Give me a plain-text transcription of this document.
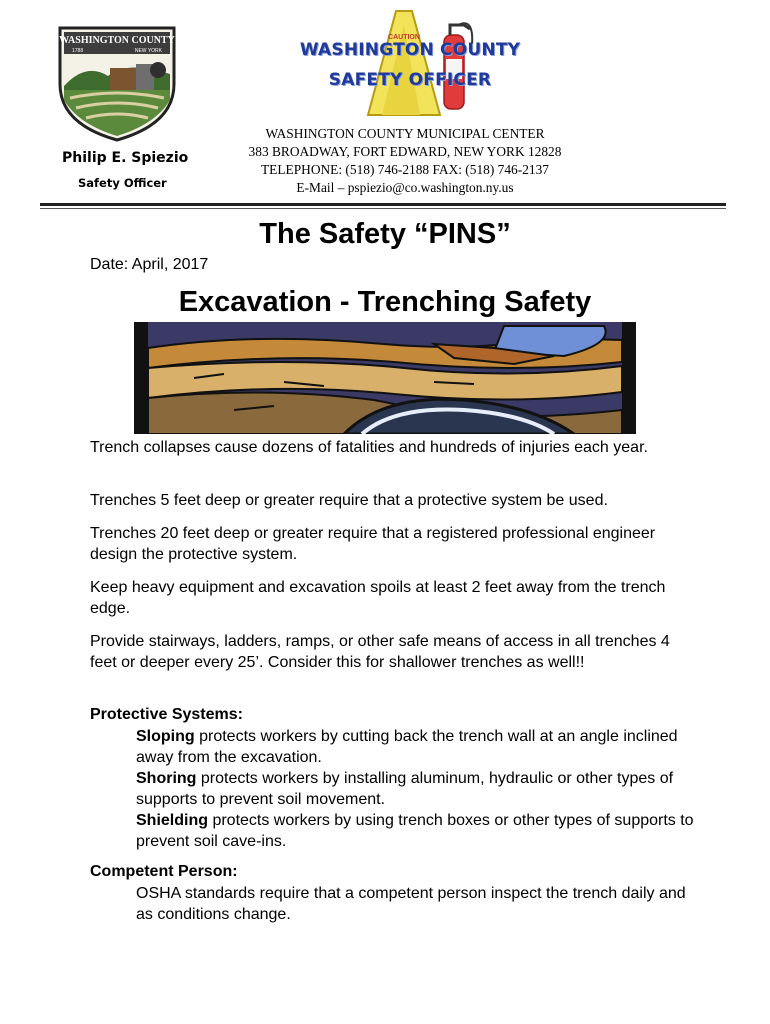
WASHINGTON COUNTY
1788	NEW YORK
Philip E. Spiezio
Safety Officer
CAUTION
WASHINGTON COUNTY
SAFETY OFFICER
WASHINGTON COUNTY MUNICIPAL CENTER
383 BROADWAY, FORT EDWARD, NEW YORK 12828
TELEPHONE: (518) 746-2188 FAX: (518) 746-2137
E-Mail – pspiezio@co.washington.ny.us
The Safety “PINS”
Date: April, 2017
Excavation - Trenching Safety
Trench collapses cause dozens of fatalities and hundreds of injuries each year.
Trenches 5 feet deep or greater require that a protective system be used.
Trenches 20 feet deep or greater require that a registered professional engineer design the protective system.
Keep heavy equipment and excavation spoils at least 2 feet away from the trench edge.
Provide stairways, ladders, ramps, or other safe means of access in all trenches 4 feet or deeper every 25’. Consider this for shallower trenches as well!!
Protective Systems:
Sloping protects workers by cutting back the trench wall at an angle inclined away from the excavation.
Shoring protects workers by installing aluminum, hydraulic or other types of supports to prevent soil movement.
Shielding protects workers by using trench boxes or other types of supports to prevent soil cave-ins.
Competent Person:
OSHA standards require that a competent person inspect the trench daily and as conditions change.
